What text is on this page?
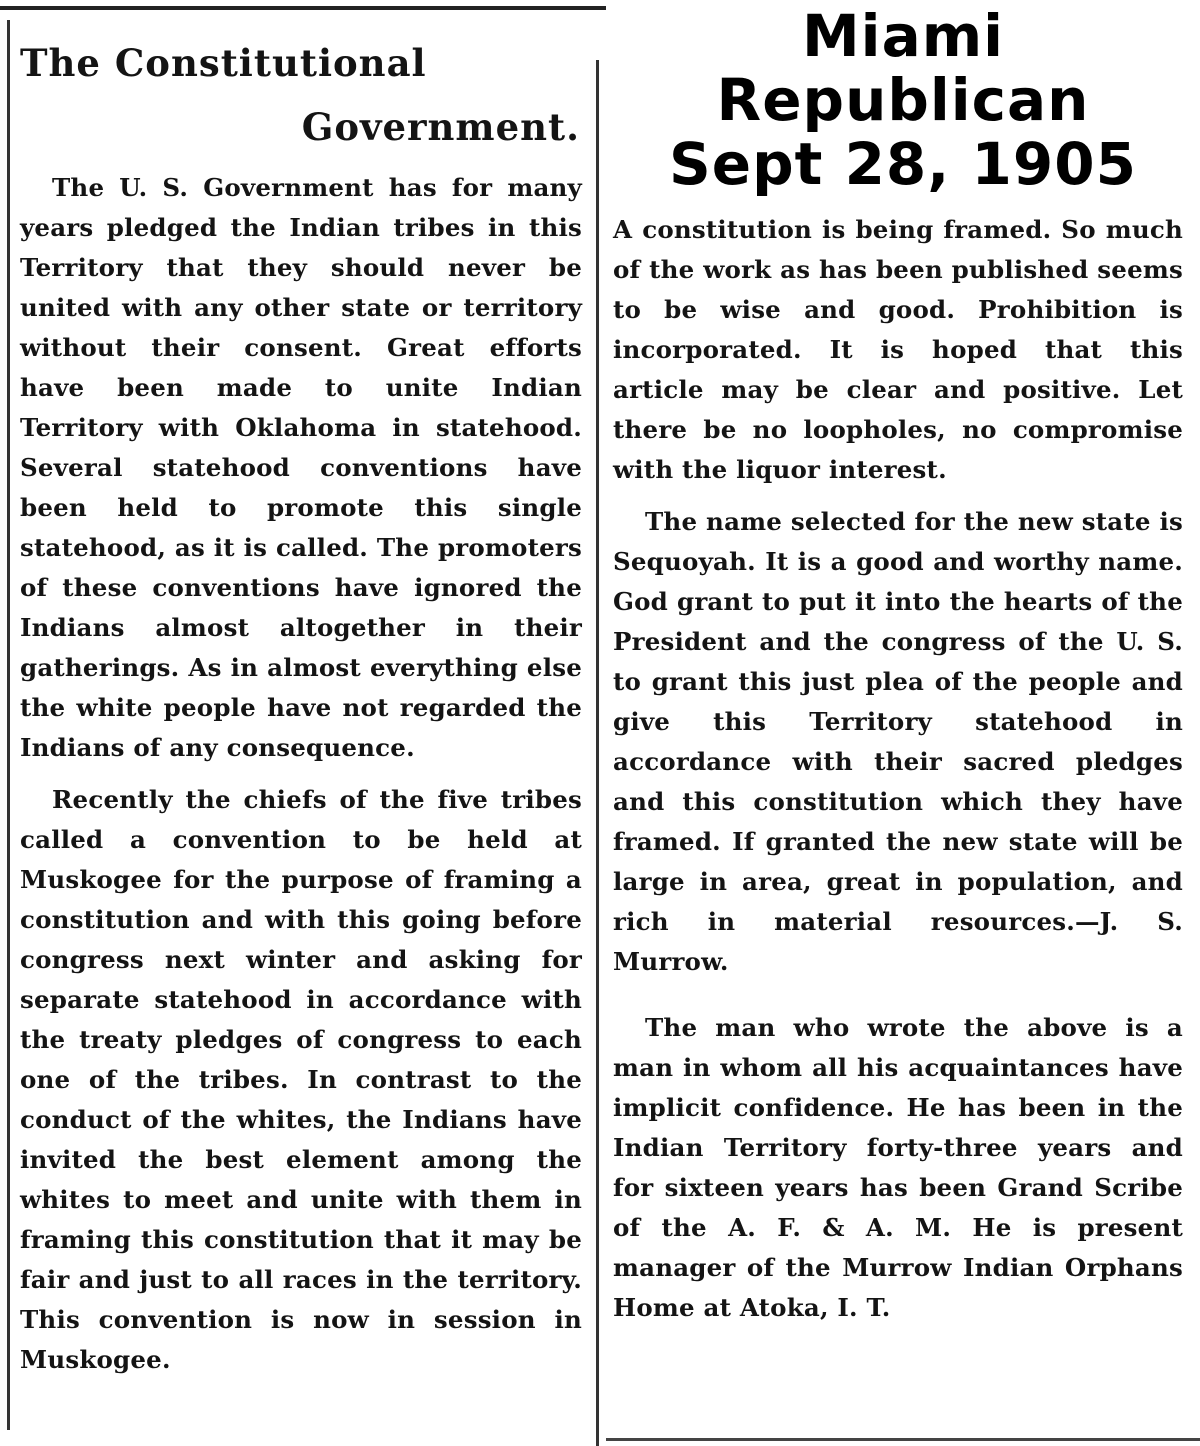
Miami
Republican
Sept 28, 1905
The Constitutional
Government.

The U. S. Government has for many years pledged the Indian tribes in this Territory that they should never be united with any other state or territory without their consent. Great efforts have been made to unite Indian Territory with Oklahoma in statehood. Several statehood conventions have been held to promote this single statehood, as it is called. The promoters of these conventions have ignored the Indians almost altogether in their gatherings. As in almost everything else the white people have not regarded the Indians of any consequence.

Recently the chiefs of the five tribes called a convention to be held at Muskogee for the purpose of framing a constitution and with this going before congress next winter and asking for separate statehood in accordance with the treaty pledges of congress to each one of the tribes. In contrast to the conduct of the whites, the Indians have invited the best element among the whites to meet and unite with them in framing this constitution that it may be fair and just to all races in the territory. This convention is now in session in Muskogee.

A constitution is being framed. So much of the work as has been published seems to be wise and good. Prohibition is incorporated. It is hoped that this article may be clear and positive. Let there be no loopholes, no compromise with the liquor interest.

The name selected for the new state is Sequoyah. It is a good and worthy name. God grant to put it into the hearts of the President and the congress of the U. S. to grant this just plea of the people and give this Territory statehood in accordance with their sacred pledges and this constitution which they have framed. If granted the new state will be large in area, great in population, and rich in material resources.—J. S. Murrow.

The man who wrote the above is a man in whom all his acquaintances have implicit confidence. He has been in the Indian Territory forty-three years and for sixteen years has been Grand Scribe of the A. F. & A. M. He is present manager of the Murrow Indian Orphans Home at Atoka, I. T.
